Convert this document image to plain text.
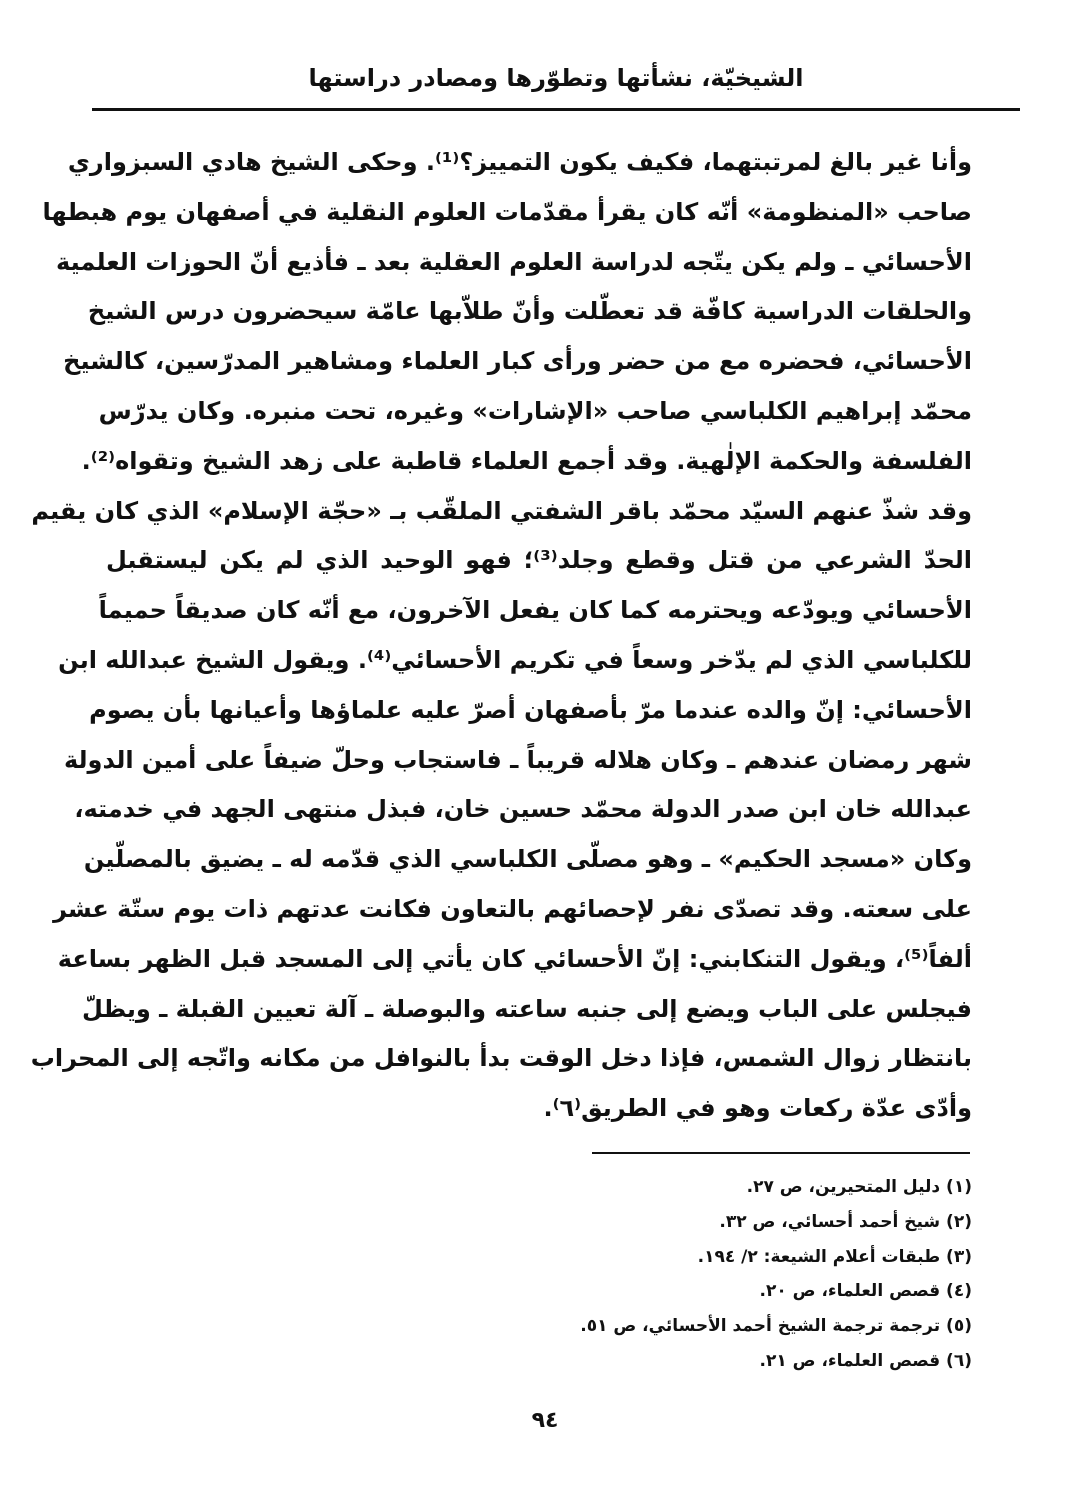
الشيخيّة، نشأتها وتطوّرها ومصادر دراستها
وأنا غير بالغ لمرتبتهما، فكيف يكون التمييز؟⁽¹⁾. وحكى الشيخ هادي السبزواري
صاحب «المنظومة» أنّه كان يقرأ مقدّمات العلوم النقلية في أصفهان يوم هبطها
الأحسائي ـ ولم يكن يتّجه لدراسة العلوم العقلية بعد ـ فأذيع أنّ الحوزات العلمية
والحلقات الدراسية كافّة قد تعطّلت وأنّ طلاّبها عامّة سيحضرون درس الشيخ
الأحسائي، فحضره مع من حضر ورأى كبار العلماء ومشاهير المدرّسين، كالشيخ
محمّد إبراهيم الكلباسي صاحب «الإشارات» وغيره، تحت منبره. وكان يدرّس
الفلسفة والحكمة الإلٰهية. وقد أجمع العلماء قاطبة على زهد الشيخ وتقواه⁽²⁾.
وقد شذّ عنهم السيّد محمّد باقر الشفتي الملقّب بـ «حجّة الإسلام» الذي كان يقيم
الحدّ الشرعي من قتل وقطع وجلد⁽³⁾؛ فهو الوحيد الذي لم يكن ليستقبل
الأحسائي ويودّعه ويحترمه كما كان يفعل الآخرون، مع أنّه كان صديقاً حميماً
للكلباسي الذي لم يدّخر وسعاً في تكريم الأحسائي⁽⁴⁾. ويقول الشيخ عبدالله ابن
الأحسائي: إنّ والده عندما مرّ بأصفهان أصرّ عليه علماؤها وأعيانها بأن يصوم
شهر رمضان عندهم ـ وكان هلاله قريباً ـ فاستجاب وحلّ ضيفاً على أمين الدولة
عبدالله خان ابن صدر الدولة محمّد حسين خان، فبذل منتهى الجهد في خدمته،
وكان «مسجد الحكيم» ـ وهو مصلّى الكلباسي الذي قدّمه له ـ يضيق بالمصلّين
على سعته. وقد تصدّى نفر لإحصائهم بالتعاون فكانت عدتهم ذات يوم ستّة عشر
ألفاً⁽⁵⁾، ويقول التنكابني: إنّ الأحسائي كان يأتي إلى المسجد قبل الظهر بساعة
فيجلس على الباب ويضع إلى جنبه ساعته والبوصلة ـ آلة تعيين القبلة ـ ويظلّ
بانتظار زوال الشمس، فإذا دخل الوقت بدأ بالنوافل من مكانه واتّجه إلى المحراب
وأدّى عدّة ركعات وهو في الطريق⁽٦⁾.
(١) دليل المتحيرين، ص ٢٧.
(٢) شيخ أحمد أحسائي، ص ٣٢.
(٣) طبقات أعلام الشيعة: ٢/ ١٩٤.
(٤) قصص العلماء، ص ٢٠.
(٥) ترجمة ترجمة الشيخ أحمد الأحسائي، ص ٥١.
(٦) قصص العلماء، ص ٢١.
٩٤
